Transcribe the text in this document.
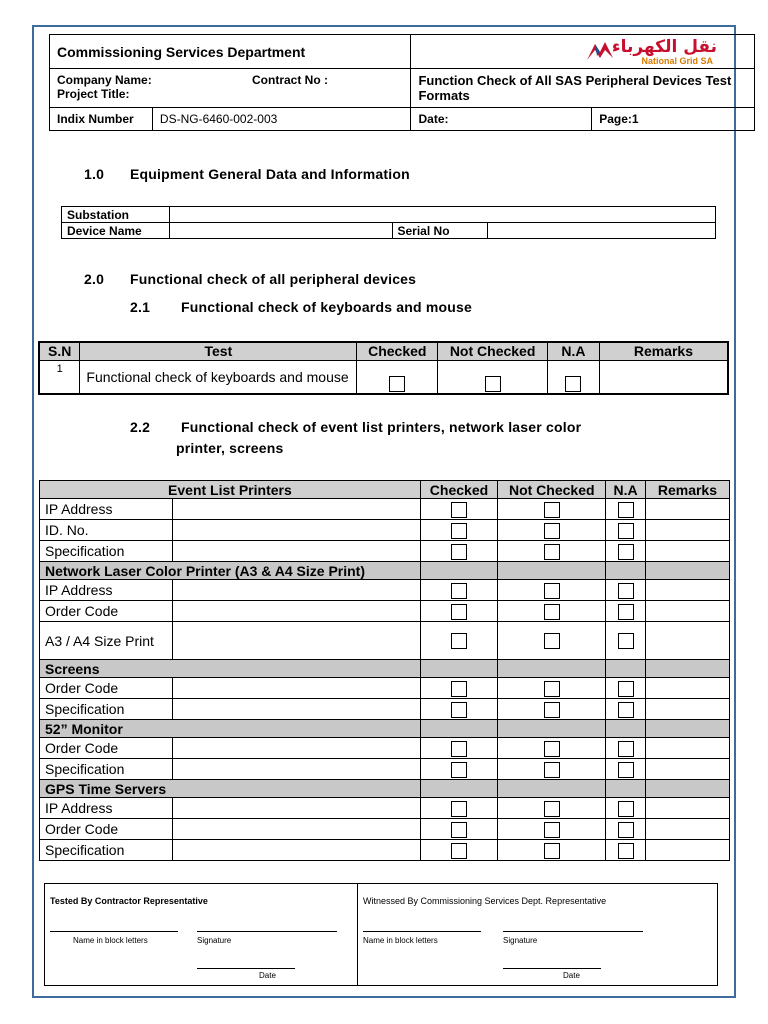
Commissioning Services Department		نقل الكهرباء
National Grid SA	

Company Name: Contract No :
Project Title:		Function Check of All SAS Peripheral Devices Test Formats	
Indix Number	DS-NG-6460-002-003	Date:	Page:1
1.0 Equipment General Data and Information
Substation			
Device Name		Serial No	
2.0 Functional check of all peripheral devices
2.1 Functional check of keyboards and mouse
S.N	Test	Checked	Not Checked	N.A	Remarks
1	Functional check of keyboards and mouse				
2.2 Functional check of event list printers, network laser color
printer, screens
Event List Printers		Checked	Not Checked	N.A	Remarks
IP Address					
ID. No.					
Specification					
Network Laser Color Printer (A3 & A4 Size Print)					
IP Address					
Order Code					
A3 / A4 Size Print					
Screens					
Order Code					
Specification					
52” Monitor					
Order Code					
Specification					
GPS Time Servers					
IP Address					
Order Code					
Specification					
Tested By Contractor Representative
Name in block letters	Signature
Date
Witnessed By Commissioning Services Dept. Representative
Name in block letters	Signature
Date
